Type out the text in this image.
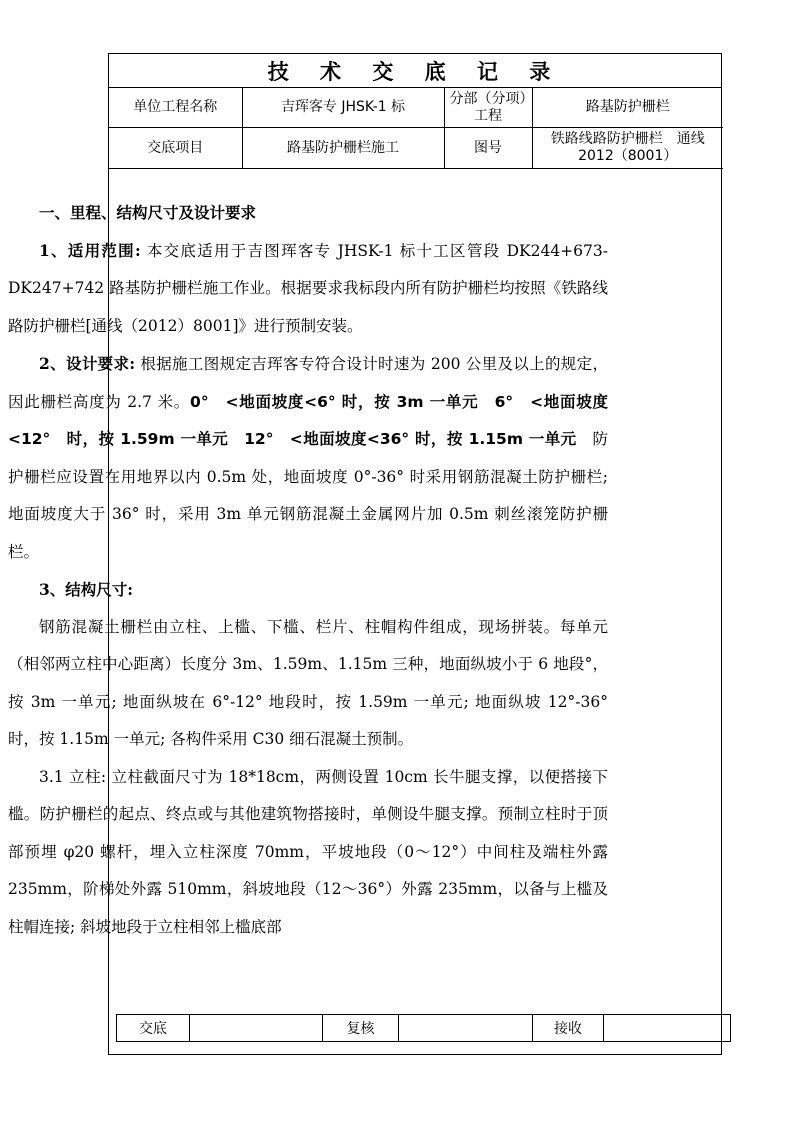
技 术 交 底 记 录
单位工程名称	吉珲客专 JHSK-1 标	分部（分项）工程	路基防护栅栏
交底项目	路基防护栅栏施工	图号	铁路线路防护栅栏　通线 2012（8001）

一、里程、结构尺寸及设计要求

1、适用范围: 本交底适用于吉图珲客专 JHSK-1 标十工区管段 DK244+673- DK247+742 路基防护栅栏施工作业。根据要求我标段内所有防护栅栏均按照《铁路线路防护栅栏[通线（2012）8001]》进行预制安装。

2、设计要求: 根据施工图规定吉珲客专符合设计时速为 200 公里及以上的规定，因此栅栏高度为 2.7 米。0°　<地面坡度<6° 时，按 3m 一单元　6°　<地面坡度<12°　时，按 1.59m 一单元　12°　<地面坡度<36° 时，按 1.15m 一单元　防护栅栏应设置在用地界以内 0.5m 处，地面坡度 0°-36° 时采用钢筋混凝土防护栅栏; 地面坡度大于 36° 时，采用 3m 单元钢筋混凝土金属网片加 0.5m 刺丝滚笼防护栅栏。

3、结构尺寸:

钢筋混凝土栅栏由立柱、上槛、下槛、栏片、柱帽构件组成，现场拼装。每单元（相邻两立柱中心距离）长度分 3m、1.59m、1.15m 三种，地面纵坡小于 6 地段°，按 3m 一单元; 地面纵坡在 6°-12° 地段时，按 1.59m 一单元; 地面纵坡 12°-36° 时，按 1.15m 一单元; 各构件采用 C30 细石混凝土预制。

3.1 立柱: 立柱截面尺寸为 18*18cm，两侧设置 10cm 长牛腿支撑，以便搭接下槛。防护栅栏的起点、终点或与其他建筑物搭接时，单侧设牛腿支撑。预制立柱时于顶部预埋 φ20 螺杆，埋入立柱深度 70mm，平坡地段（0～12°）中间柱及端柱外露 235mm，阶梯处外露 510mm，斜坡地段（12～36°）外露 235mm，以备与上槛及柱帽连接; 斜坡地段于立柱相邻上槛底部

交底		复核		接收	
